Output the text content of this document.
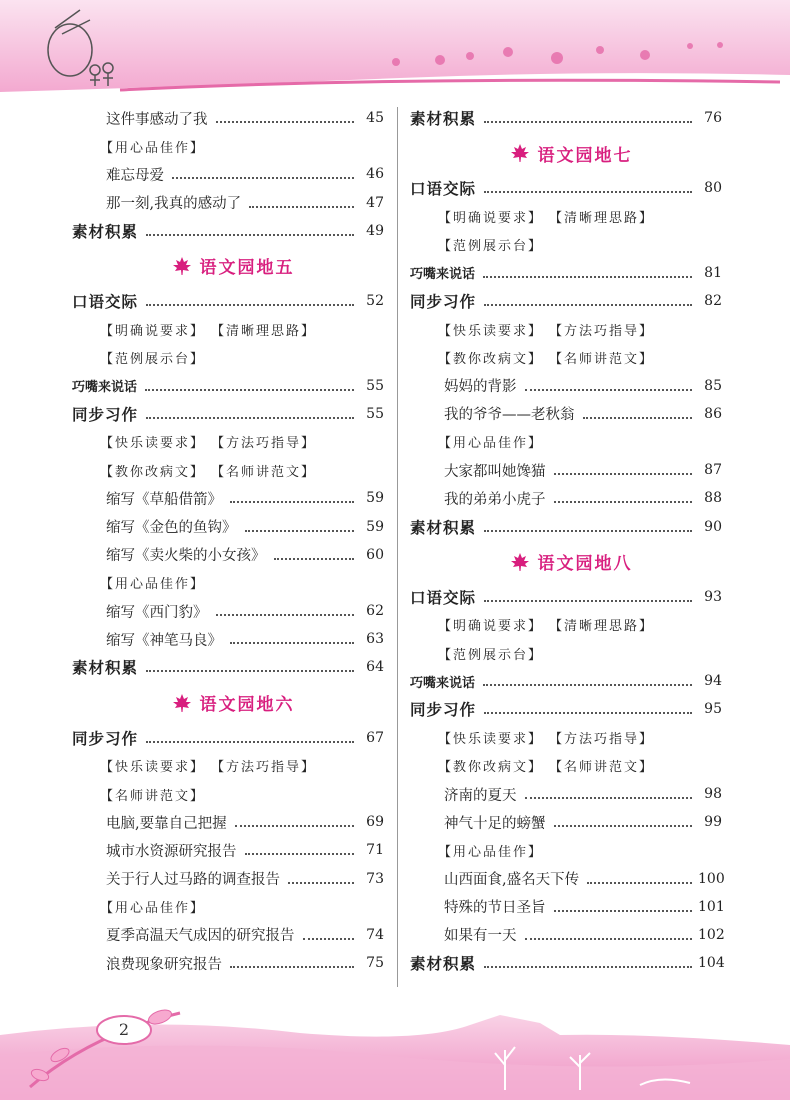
这件事感动了我	45
【用心品佳作】
难忘母爱	46
那一刻,我真的感动了	47
素材积累	49
语文园地五
口语交际	52
【明确说要求】 【清晰理思路】
【范例展示台】
巧嘴来说话	55
同步习作	55
【快乐读要求】 【方法巧指导】
【教你改病文】 【名师讲范文】
缩写《草船借箭》	59
缩写《金色的鱼钩》	59
缩写《卖火柴的小女孩》	60
【用心品佳作】
缩写《西门豹》	62
缩写《神笔马良》	63
素材积累	64
语文园地六
同步习作	67
【快乐读要求】 【方法巧指导】
【名师讲范文】
电脑,要靠自己把握	69
城市水资源研究报告	71
关于行人过马路的调查报告	73
【用心品佳作】
夏季高温天气成因的研究报告	74
浪费现象研究报告	75
素材积累	76
语文园地七
口语交际	80
【明确说要求】 【清晰理思路】
【范例展示台】
巧嘴来说话	81
同步习作	82
【快乐读要求】 【方法巧指导】
【教你改病文】 【名师讲范文】
妈妈的背影	85
我的爷爷——老秋翁	86
【用心品佳作】
大家都叫她馋猫	87
我的弟弟小虎子	88
素材积累	90
语文园地八
口语交际	93
【明确说要求】 【清晰理思路】
【范例展示台】
巧嘴来说话	94
同步习作	95
【快乐读要求】 【方法巧指导】
【教你改病文】 【名师讲范文】
济南的夏天	98
神气十足的螃蟹	99
【用心品佳作】
山西面食,盛名天下传	100
特殊的节日圣旨	101
如果有一天	102
素材积累	104
2
